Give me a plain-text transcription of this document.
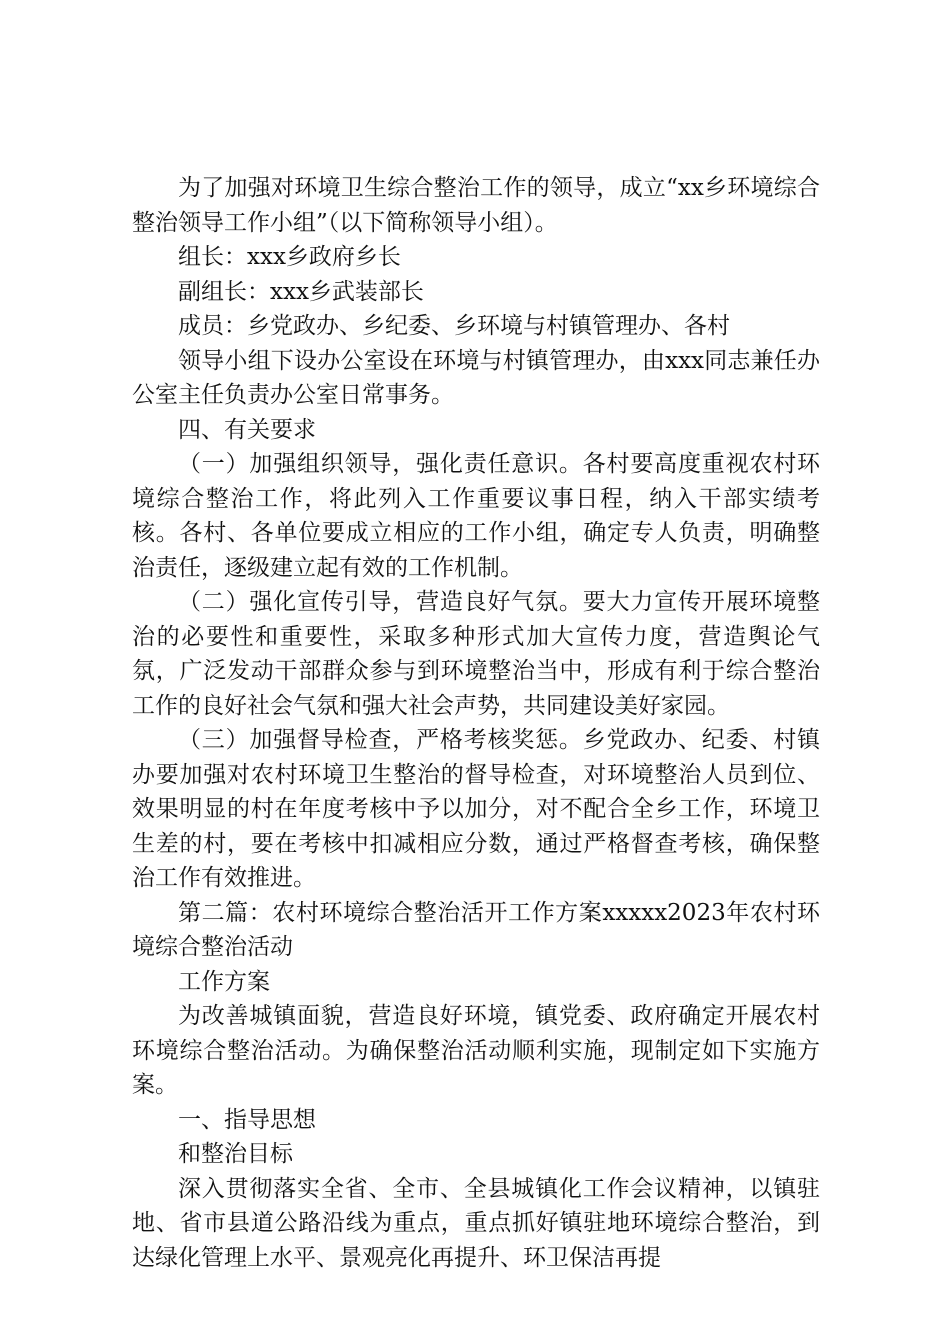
为了加强对环境卫生综合整治工作的领导，成立“xx乡环境综合整治领导工作小组”（以下简称领导小组）。

组长：xxx乡政府乡长

副组长：xxx乡武装部长

成员：乡党政办、乡纪委、乡环境与村镇管理办、各村

领导小组下设办公室设在环境与村镇管理办，由xxx同志兼任办公室主任负责办公室日常事务。

四、有关要求

（一）加强组织领导，强化责任意识。各村要高度重视农村环境综合整治工作，将此列入工作重要议事日程，纳入干部实绩考核。各村、各单位要成立相应的工作小组，确定专人负责，明确整治责任，逐级建立起有效的工作机制。

（二）强化宣传引导，营造良好气氛。要大力宣传开展环境整治的必要性和重要性，采取多种形式加大宣传力度，营造舆论气氛，广泛发动干部群众参与到环境整治当中，形成有利于综合整治工作的良好社会气氛和强大社会声势，共同建设美好家园。

（三）加强督导检查，严格考核奖惩。乡党政办、纪委、村镇办要加强对农村环境卫生整治的督导检查，对环境整治人员到位、效果明显的村在年度考核中予以加分，对不配合全乡工作，环境卫生差的村，要在考核中扣减相应分数，通过严格督查考核，确保整治工作有效推进。

第二篇：农村环境综合整治活开工作方案xxxxx2023年农村环境综合整治活动

工作方案

为改善城镇面貌，营造良好环境，镇党委、政府确定开展农村环境综合整治活动。为确保整治活动顺利实施，现制定如下实施方案。

一、指导思想

和整治目标

深入贯彻落实全省、全市、全县城镇化工作会议精神，以镇驻地、省市县道公路沿线为重点，重点抓好镇驻地环境综合整治，到达绿化管理上水平、景观亮化再提升、环卫保洁再提
